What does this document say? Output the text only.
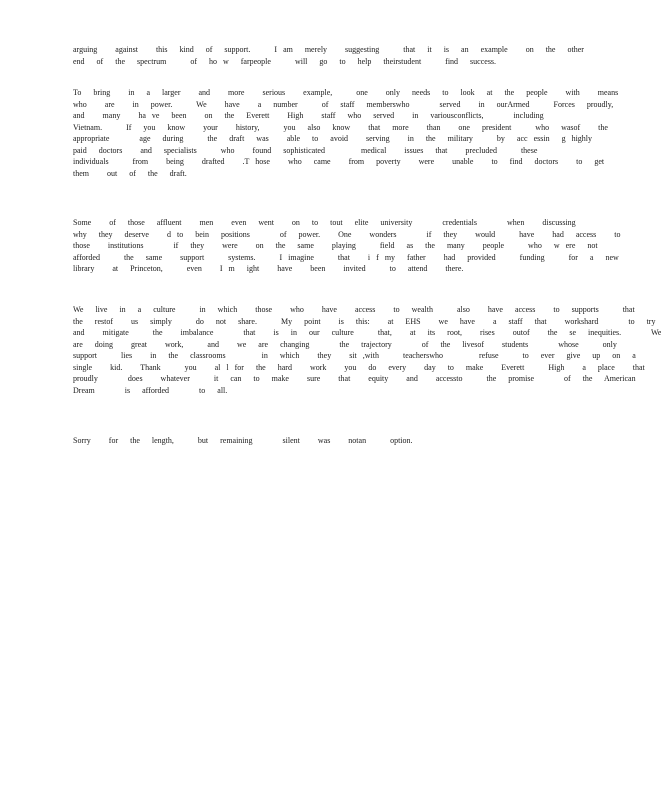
arguing   against   this  kind  of  support.    I am  merely   suggesting    that  it  is  an  example   on  the  other
end  of  the  spectrum    of  ho w  farpeople    will  go  to  help  theirstudent    find  success.
To  bring   in  a  larger   and   more   serious   example,    one   only  needs  to  look  at  the  people   with   means
who   are   in  power.    We   have   a  number    of  staff  memberswho     served   in  ourArmed    Forces  proudly,
and   many   ha ve  been   on  the  Everett   High   staff  who  served   in  variousconflicts,     including
Vietnam.    If  you  know   your   history,    you  also  know   that  more   than   one  president    who  wasof   the
appropriate     age  during    the  draft  was   able  to  avoid   serving   in  the  military    by  acc essin  g highly
paid  doctors   and  specialists    who   found  sophisticated      medical   issues  that   precluded    these
individuals    from   being   drafted   .T hose   who  came   from  poverty   were   unable   to  find  doctors   to  get
them   out  of  the  draft.
Some   of  those  affluent   men   even  went   on  to  tout  elite  university     credentials     when   discussing
why  they  deserve   d to  bein  positions     of  power.   One   wonders     if  they   would    have   had  access   to
those   institutions     if  they   were   on  the  same   playing    field  as  the  many   people    who  w ere  not
afforded    the  same   support    systems.    I imagine    that   i f my  father   had  provided    funding    for  a  new
library   at  Princeton,    even   I m  ight   have   been   invited    to  attend   there.
We  live  in  a  culture    in  which   those   who   have   access   to  wealth    also   have  access   to  supports    that
the  restof   us  simply    do  not  share.    My  point   is  this:   at  EHS   we  have   a  staff  that   workshard     to  try
and   mitigate    the   imbalance     that   is  in  our  culture    that,   at  its  root,   rises   outof   the  se  inequities.     We
are  doing   great   work,    and   we  are  changing     the  trajectory     of  the  livesof   students     whose    only
support    lies   in  the  classrooms      in  which   they   sit ,with    teacherswho      refuse    to  ever  give  up  on  a
single   kid.   Thank    you   al l for  the  hard   work   you  do  every   day  to  make   Everett    High   a  place   that
proudly     does   whatever    it  can  to  make   sure   that   equity   and   accessto    the  promise     of  the  American
Dream     is  afforded     to  all.
Sorry   for  the  length,    but  remaining     silent   was   notan    option.
